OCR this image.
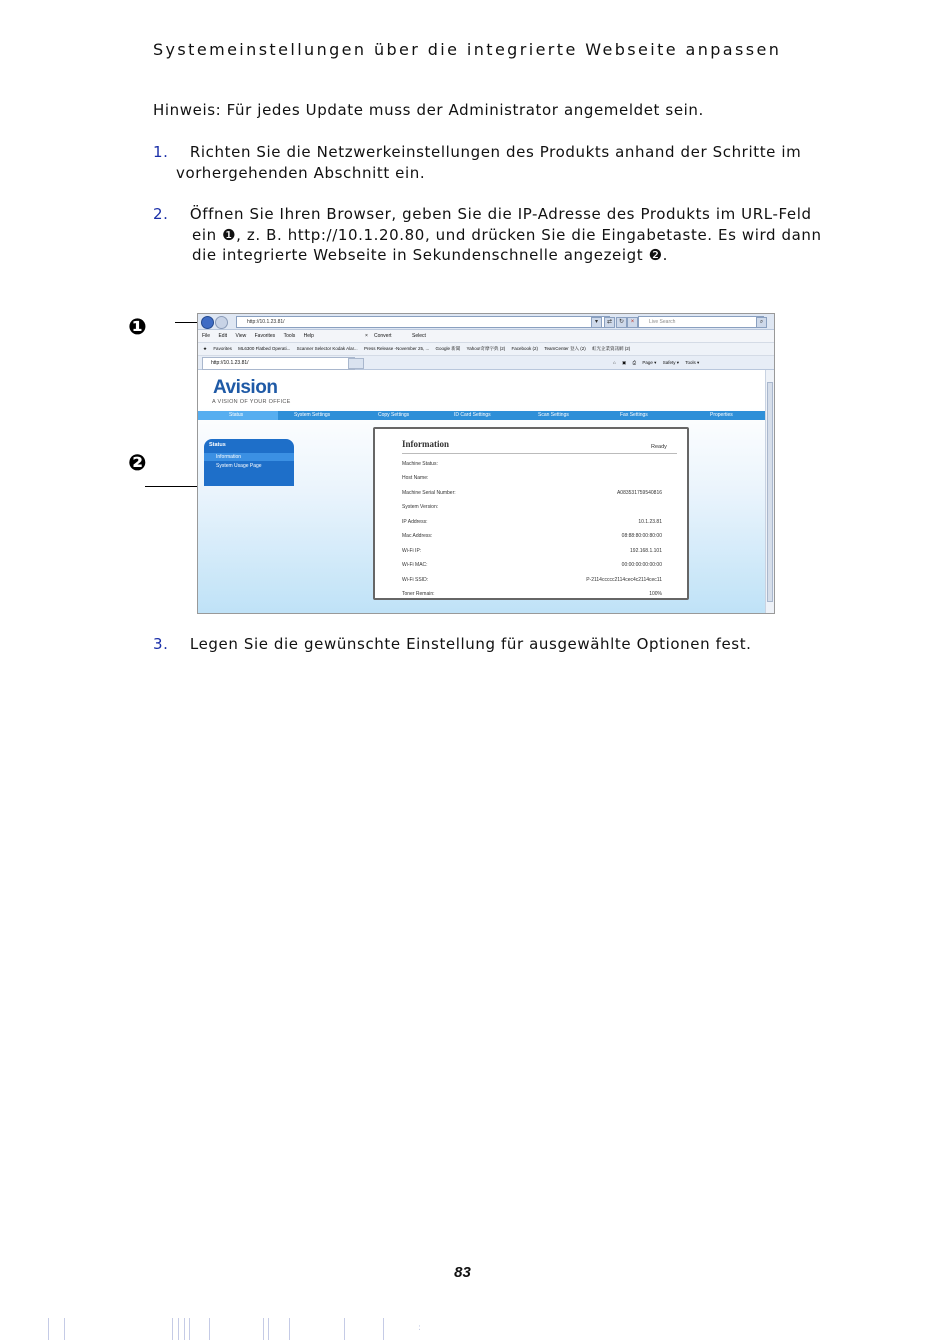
Systemeinstellungen über die integrierte Webseite anpassen
Hinweis: Für jedes Update muss der Administrator angemeldet sein.
1. Richten Sie die Netzwerkeinstellungen des Produkts anhand der Schritte im
vorhergehenden Abschnitt ein.
2. Öffnen Sie Ihren Browser, geben Sie die IP-Adresse des Produkts im URL-Feld
ein ❶, z. B. http://10.1.20.80, und drücken Sie die Eingabetaste. Es wird dann
die integrierte Webseite in Sekundenschnelle angezeigt ❷.
❶
❷
http://10.1.23.81/	▾	⇄	↻	×	Live Search	⌕
File Edit View Favorites Tools Help	× Convert	Select
★ Favorites ML6300 Flatbed Operati... Scanner Selector Kodak Alar... Press Release -November 25, ... Google 新聞 Yahoo!奇摩字典 (2) Facebook (2) TeamCenter 登入 (2) 虹光企業資訊網 (2)
http://10.1.23.81/	⌂ ▣ ⎙ Page ▾ Safety ▾ Tools ▾
Avision
A VISION OF YOUR OFFICE
Status	System Settings	Copy Settings	ID Card Settings	Scan Settings	Fax Settings	Properties
Status
Information
System Usage Page
Information	Ready
Machine Status:
Host Name:
Machine Serial Number:	A083531759540816
System Version:
IP Address:	10.1.23.81
Mac Address:	08:88:80:00:80:00
Wi-Fi IP:	192.168.1.101
Wi-Fi MAC:	00:00:00:00:00:00
Wi-Fi SSID:	P-2114ccccc2114cec4c2114cec11
Toner Remain:	100%
3. Legen Sie die gewünschte Einstellung für ausgewählte Optionen fest.
83
:
